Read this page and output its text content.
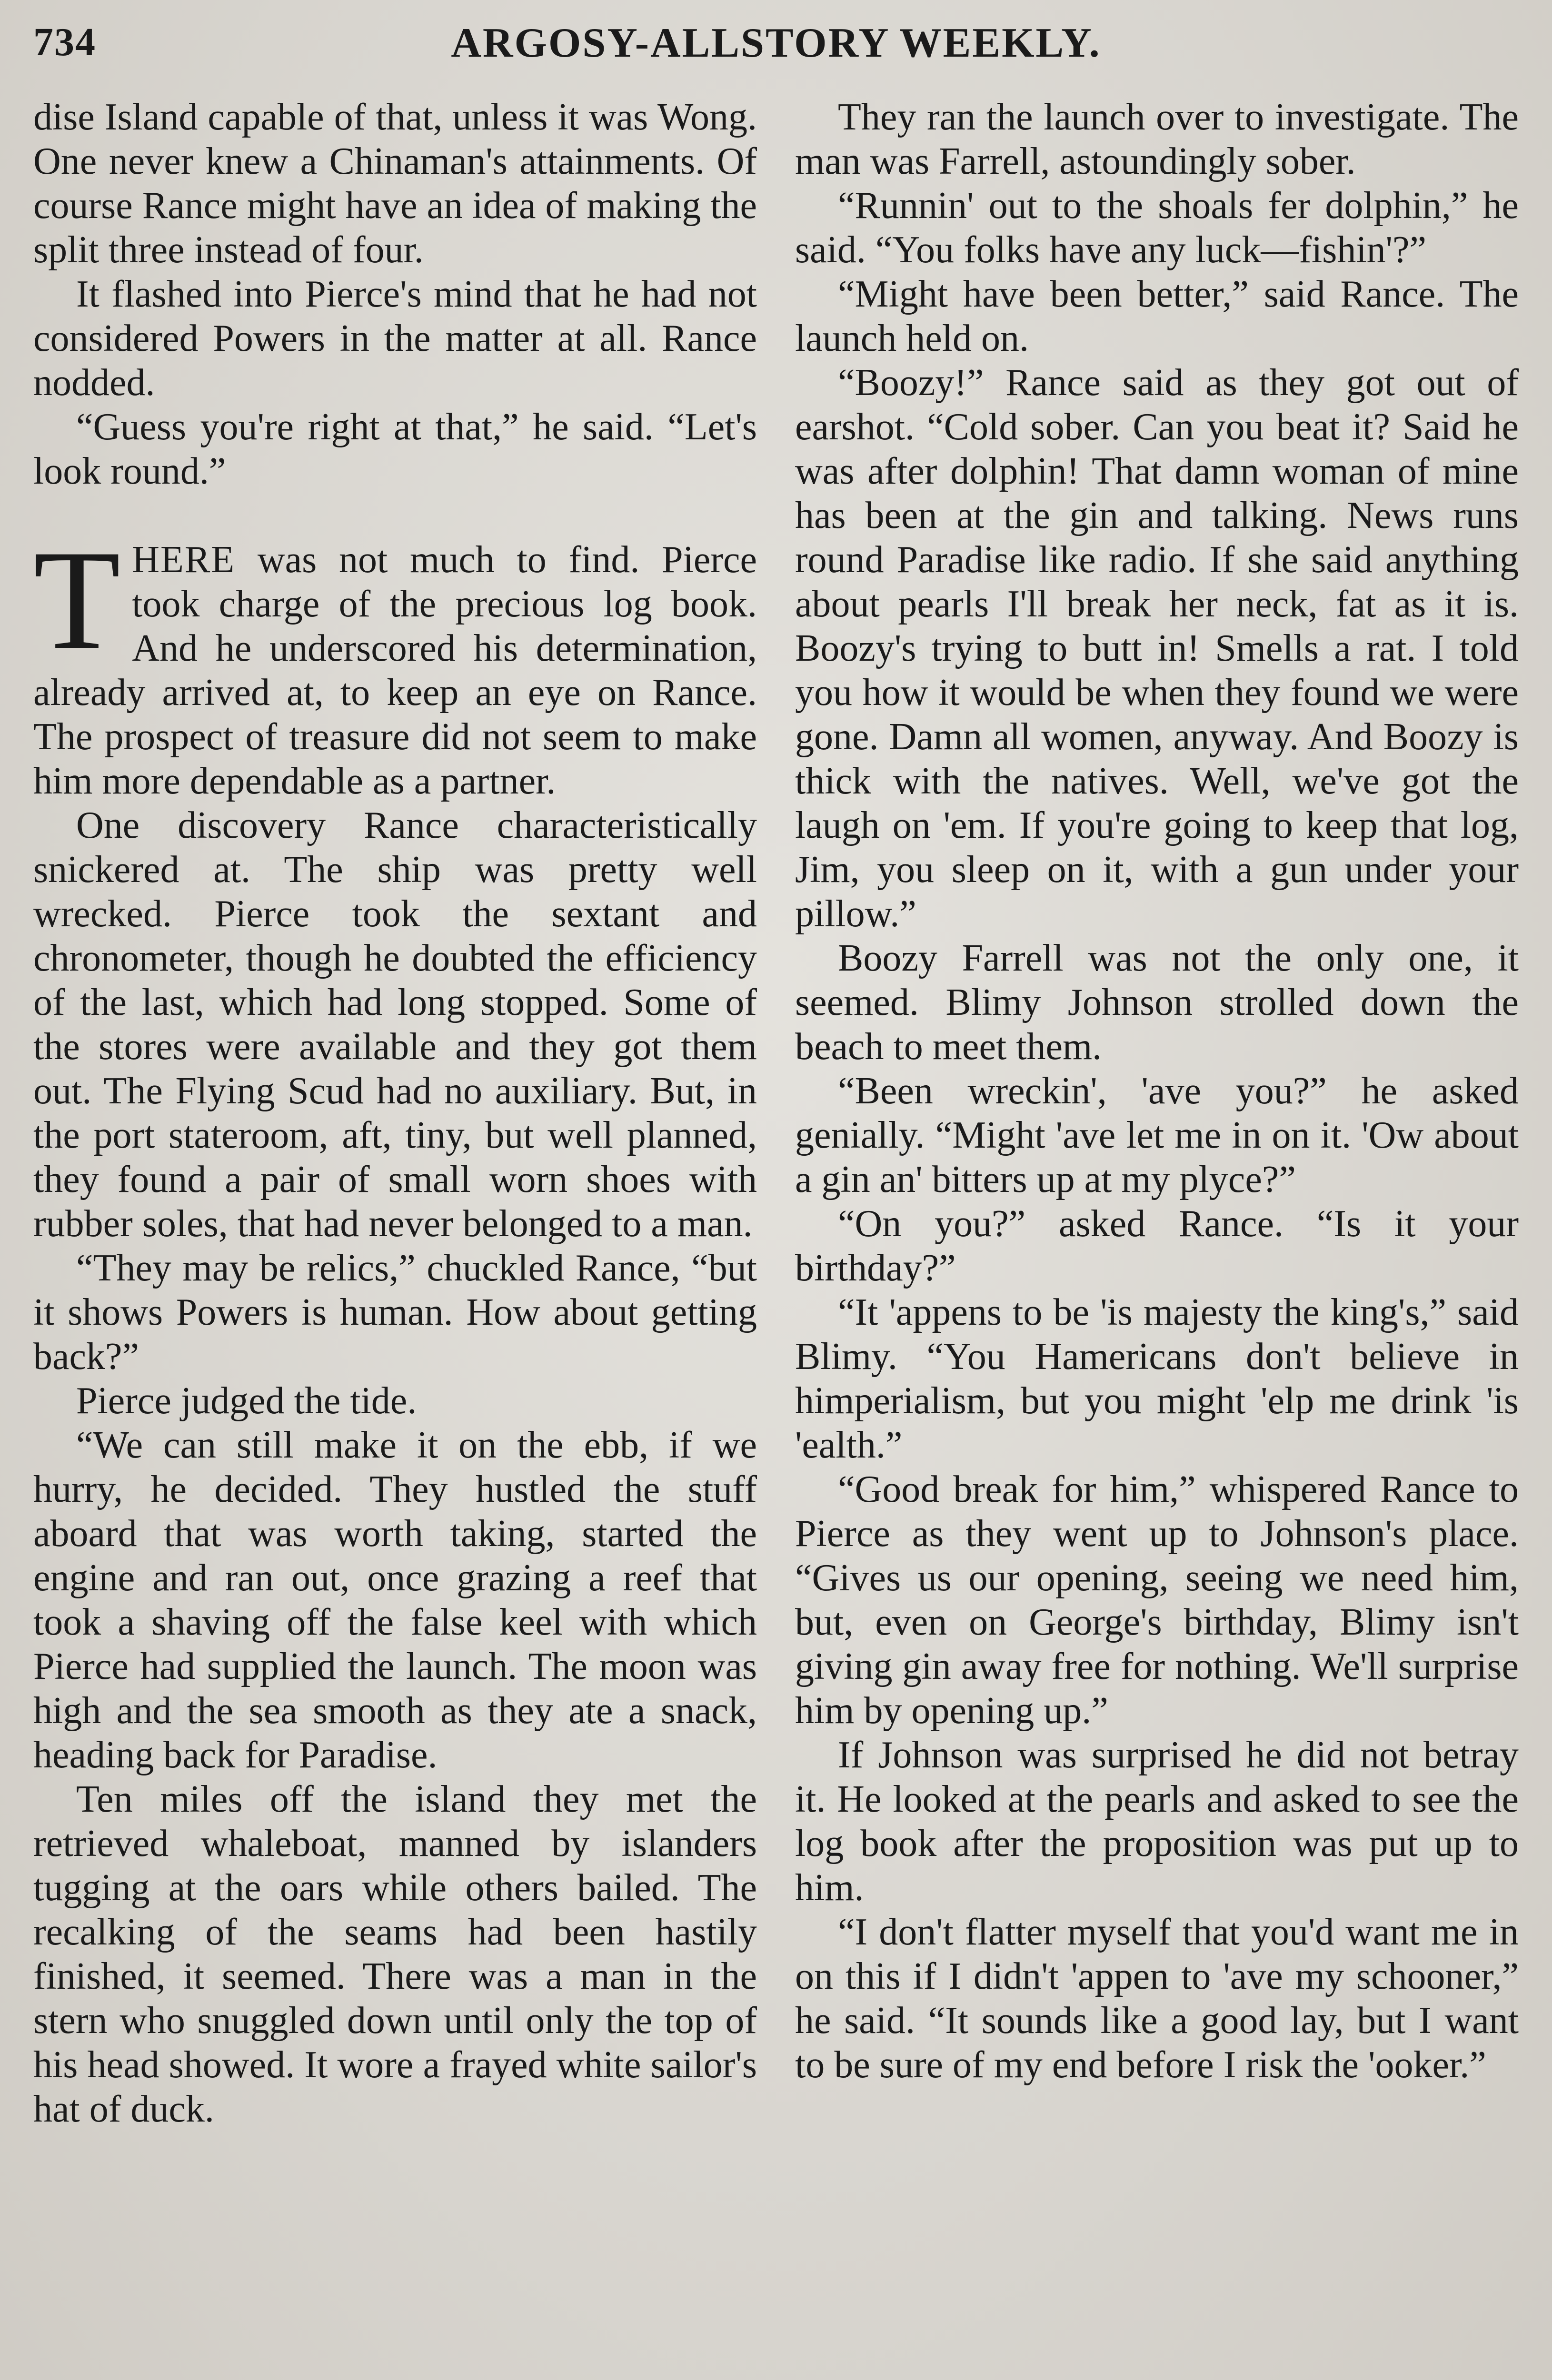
734	ARGOSY-ALLSTORY WEEKLY.

dise Island capable of that, unless it was Wong. One never knew a Chinaman's attainments. Of course Rance might have an idea of making the split three instead of four.

It flashed into Pierce's mind that he had not considered Powers in the matter at all. Rance nodded.

“Guess you're right at that,” he said. “Let's look round.”

THERE was not much to find. Pierce took charge of the precious log book. And he underscored his determination, already arrived at, to keep an eye on Rance. The prospect of treasure did not seem to make him more dependable as a partner.

One discovery Rance characteristically snickered at. The ship was pretty well wrecked. Pierce took the sextant and chronometer, though he doubted the efficiency of the last, which had long stopped. Some of the stores were available and they got them out. The Flying Scud had no auxiliary. But, in the port stateroom, aft, tiny, but well planned, they found a pair of small worn shoes with rubber soles, that had never belonged to a man.

“They may be relics,” chuckled Rance, “but it shows Powers is human. How about getting back?”

Pierce judged the tide.

“We can still make it on the ebb, if we hurry, he decided. They hustled the stuff aboard that was worth taking, started the engine and ran out, once grazing a reef that took a shaving off the false keel with which Pierce had supplied the launch. The moon was high and the sea smooth as they ate a snack, heading back for Paradise.

Ten miles off the island they met the retrieved whaleboat, manned by islanders tugging at the oars while others bailed. The recalking of the seams had been hastily finished, it seemed. There was a man in the stern who snuggled down until only the top of his head showed. It wore a frayed white sailor's hat of duck.

They ran the launch over to investigate. The man was Farrell, astoundingly sober.

“Runnin' out to the shoals fer dolphin,” he said. “You folks have any luck—fishin'?”

“Might have been better,” said Rance. The launch held on.

“Boozy!” Rance said as they got out of earshot. “Cold sober. Can you beat it? Said he was after dolphin! That damn woman of mine has been at the gin and talking. News runs round Paradise like radio. If she said anything about pearls I'll break her neck, fat as it is. Boozy's trying to butt in! Smells a rat. I told you how it would be when they found we were gone. Damn all women, anyway. And Boozy is thick with the natives. Well, we've got the laugh on 'em. If you're going to keep that log, Jim, you sleep on it, with a gun under your pillow.”

Boozy Farrell was not the only one, it seemed. Blimy Johnson strolled down the beach to meet them.

“Been wreckin', 'ave you?” he asked genially. “Might 'ave let me in on it. 'Ow about a gin an' bitters up at my plyce?”

“On you?” asked Rance. “Is it your birthday?”

“It 'appens to be 'is majesty the king's,” said Blimy. “You Hamericans don't believe in himperialism, but you might 'elp me drink 'is 'ealth.”

“Good break for him,” whispered Rance to Pierce as they went up to Johnson's place. “Gives us our opening, seeing we need him, but, even on George's birthday, Blimy isn't giving gin away free for nothing. We'll surprise him by opening up.”

If Johnson was surprised he did not betray it. He looked at the pearls and asked to see the log book after the proposition was put up to him.

“I don't flatter myself that you'd want me in on this if I didn't 'appen to 'ave my schooner,” he said. “It sounds like a good lay, but I want to be sure of my end before I risk the 'ooker.”
